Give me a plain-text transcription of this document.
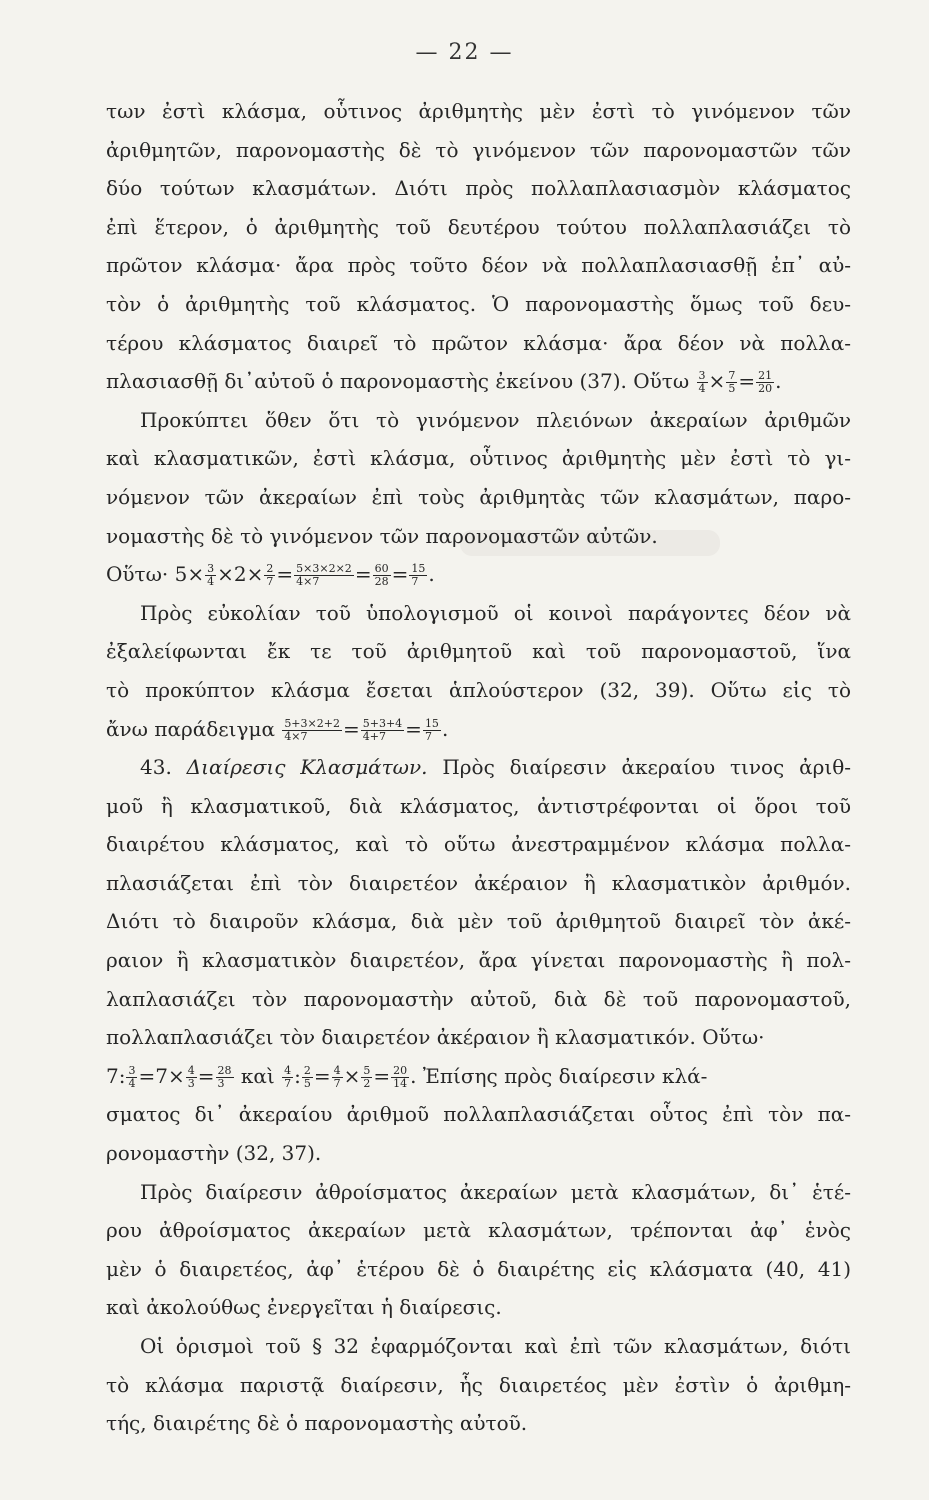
— 22 —
των ἐστὶ κλάσμα, οὗτινος ἀριθμητὴς μὲν ἐστὶ τὸ γινόμενον τῶν
ἀριθμητῶν, παρονομαστὴς δὲ τὸ γινόμενον τῶν παρονομαστῶν τῶν
δύο τούτων κλασμάτων. Διότι πρὸς πολλαπλασιασμὸν κλάσματος
ἐπὶ ἕτερον, ὁ ἀριθμητὴς τοῦ δευτέρου τούτου πολλαπλασιάζει τὸ
πρῶτον κλάσμα· ἄρα πρὸς τοῦτο δέον νὰ πολλαπλασιασθῇ ἐπ᾽ αὐ-
τὸν ὁ ἀριθμητὴς τοῦ κλάσματος. Ὁ παρονομαστὴς ὅμως τοῦ δευ-
τέρου κλάσματος διαιρεῖ τὸ πρῶτον κλάσμα· ἄρα δέον νὰ πολλα-
πλασιασθῇ δι᾽αὐτοῦ ὁ παρονομαστὴς ἐκείνου (37). Οὕτω $\frac{3}{4} \times \frac{7}{5} = \frac{21}{20}$ .
Προκύπτει ὅθεν ὅτι τὸ γινόμενον πλειόνων ἀκεραίων ἀριθμῶν
καὶ κλασματικῶν, ἐστὶ κλάσμα, οὗτινος ἀριθμητὴς μὲν ἐστὶ τὸ γι-
νόμενον τῶν ἀκεραίων ἐπὶ τοὺς ἀριθμητὰς τῶν κλασμάτων, παρο-
νομαστὴς δὲ τὸ γινόμενον τῶν παρονομαστῶν αὐτῶν.
Οὕτω· $5\times \frac{3}{4} \times 2\times \frac{2}{7} = \frac{5\times 3\times 2\times 2}{4\times 7} = \frac{60}{28} = \frac{15}{7}$ .
Πρὸς εὐκολίαν τοῦ ὑπολογισμοῦ οἱ κοινοὶ παράγοντες δέον νὰ
ἐξαλείφωνται ἔκ τε τοῦ ἀριθμητοῦ καὶ τοῦ παρονομαστοῦ, ἵνα
τὸ προκύπτον κλάσμα ἔσεται ἁπλούστερον (32, 39). Οὕτω εἰς τὸ
ἄνω παράδειγμα $\frac{5+3\times 2+2}{4\times 7} = \frac{5+3+4}{4+7} = \frac{15}{7}$ .
43. Διαίρεσις Κλασμάτων. Πρὸς διαίρεσιν ἀκεραίου τινος ἀριθ-
μοῦ ἢ κλασματικοῦ, διὰ κλάσματος, ἀντιστρέφονται οἱ ὅροι τοῦ
διαιρέτου κλάσματος, καὶ τὸ οὕτω ἀνεστραμμένον κλάσμα πολλα-
πλασιάζεται ἐπὶ τὸν διαιρετέον ἀκέραιον ἢ κλασματικὸν ἀριθμόν.
Διότι τὸ διαιροῦν κλάσμα, διὰ μὲν τοῦ ἀριθμητοῦ διαιρεῖ τὸν ἀκέ-
ραιον ἢ κλασματικὸν διαιρετέον, ἄρα γίνεται παρονομαστὴς ἢ πολ-
λαπλασιάζει τὸν παρονομαστὴν αὐτοῦ, διὰ δὲ τοῦ παρονομαστοῦ,
πολλαπλασιάζει τὸν διαιρετέον ἀκέραιον ἢ κλασματικόν. Οὕτω·
7: $\frac{3}{4} =7\times \frac{4}{3} = \frac{28}{3}$ καὶ $\frac{4}{7}$ : $\frac{2}{5} = \frac{4}{7} \times \frac{5}{2} = \frac{20}{14}$ . Ἐπίσης πρὸς διαίρεσιν κλά-
σματος δι᾽ ἀκεραίου ἀριθμοῦ πολλαπλασιάζεται οὗτος ἐπὶ τὸν πα-
ρονομαστὴν (32, 37).
Πρὸς διαίρεσιν ἀθροίσματος ἀκεραίων μετὰ κλασμάτων, δι᾽ ἑτέ-
ρου ἀθροίσματος ἀκεραίων μετὰ κλασμάτων, τρέπονται ἀφ᾽ ἑνὸς
μὲν ὁ διαιρετέος, ἀφ᾽ ἑτέρου δὲ ὁ διαιρέτης εἰς κλάσματα (40, 41)
καὶ ἀκολούθως ἐνεργεῖται ἡ διαίρεσις.
Οἱ ὁρισμοὶ τοῦ § 32 ἐφαρμόζονται καὶ ἐπὶ τῶν κλασμάτων, διότι
τὸ κλάσμα παριστᾷ διαίρεσιν, ἧς διαιρετέος μὲν ἐστὶν ὁ ἀριθμη-
τής, διαιρέτης δὲ ὁ παρονομαστὴς αὐτοῦ.
